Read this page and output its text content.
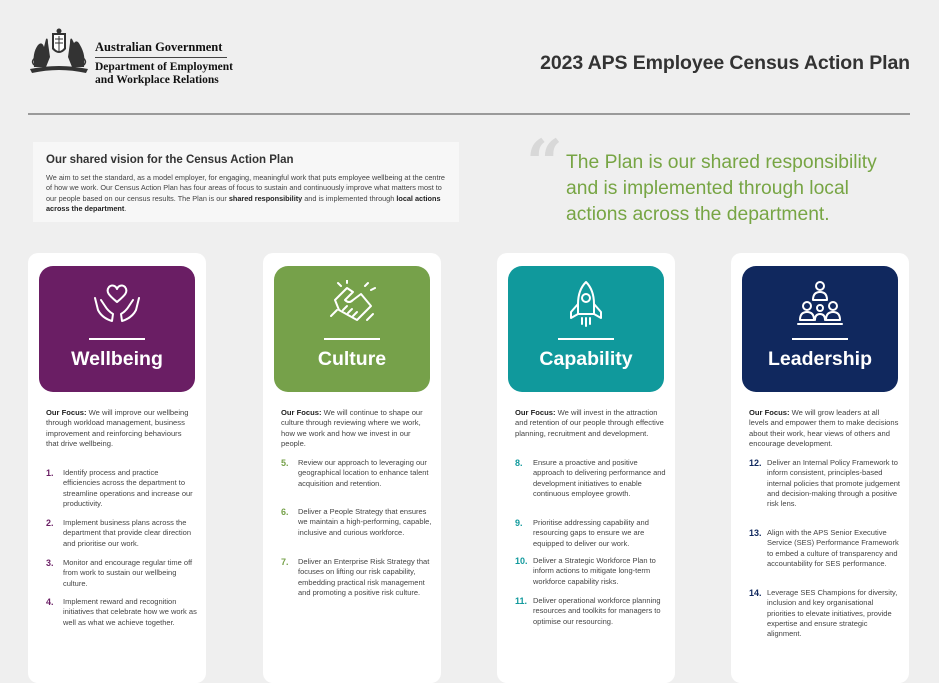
Australian Government
Department of Employment
and Workplace Relations
2023 APS Employee Census Action Plan
Our shared vision for the Census Action Plan

We aim to set the standard, as a model employer, for engaging, meaningful work that puts employee wellbeing at the centre of how we work. Our Census Action Plan has four areas of focus to sustain and continuously improve what matters most to our people based on our census results. The Plan is our shared responsibility and is implemented through local actions across the department.

“ The Plan is our shared responsibility and is implemented through local actions across the department.
Wellbeing
Our Focus: We will improve our wellbeing through workload management, business improvement and reinforcing behaviours that drive wellbeing.
1. Identify process and practice efficiencies across the department to streamline operations and increase our productivity.
2. Implement business plans across the department that provide clear direction and prioritise our work.
3. Monitor and encourage regular time off from work to sustain our wellbeing culture.
4. Implement reward and recognition initiatives that celebrate how we work as well as what we achieve together.
Culture
Our Focus: We will continue to shape our culture through reviewing where we work, how we work and how we invest in our people.
5. Review our approach to leveraging our geographical location to enhance talent acquisition and retention.
6. Deliver a People Strategy that ensures we maintain a high-performing, capable, inclusive and curious workforce.
7. Deliver an Enterprise Risk Strategy that focuses on lifting our risk capability, embedding practical risk management and promoting a positive risk culture.
Capability
Our Focus: We will invest in the attraction and retention of our people through effective planning, recruitment and development.
8. Ensure a proactive and positive approach to delivering performance and development initiatives to enable continuous employee growth.
9. Prioritise addressing capability and resourcing gaps to ensure we are equipped to deliver our work.
10. Deliver a Strategic Workforce Plan to inform actions to mitigate long-term workforce capability risks.
11. Deliver operational workforce planning resources and toolkits for managers to optimise our resourcing.
Leadership
Our Focus: We will grow leaders at all levels and empower them to make decisions about their work, hear views of others and encourage development.
12. Deliver an Internal Policy Framework to inform consistent, principles-based internal policies that promote judgement and decision-making through a positive risk lens.
13. Align with the APS Senior Executive Service (SES) Performance Framework to embed a culture of transparency and accountability for SES performance.
14. Leverage SES Champions for diversity, inclusion and key organisational priorities to elevate initiatives, provide expertise and ensure strategic alignment.
